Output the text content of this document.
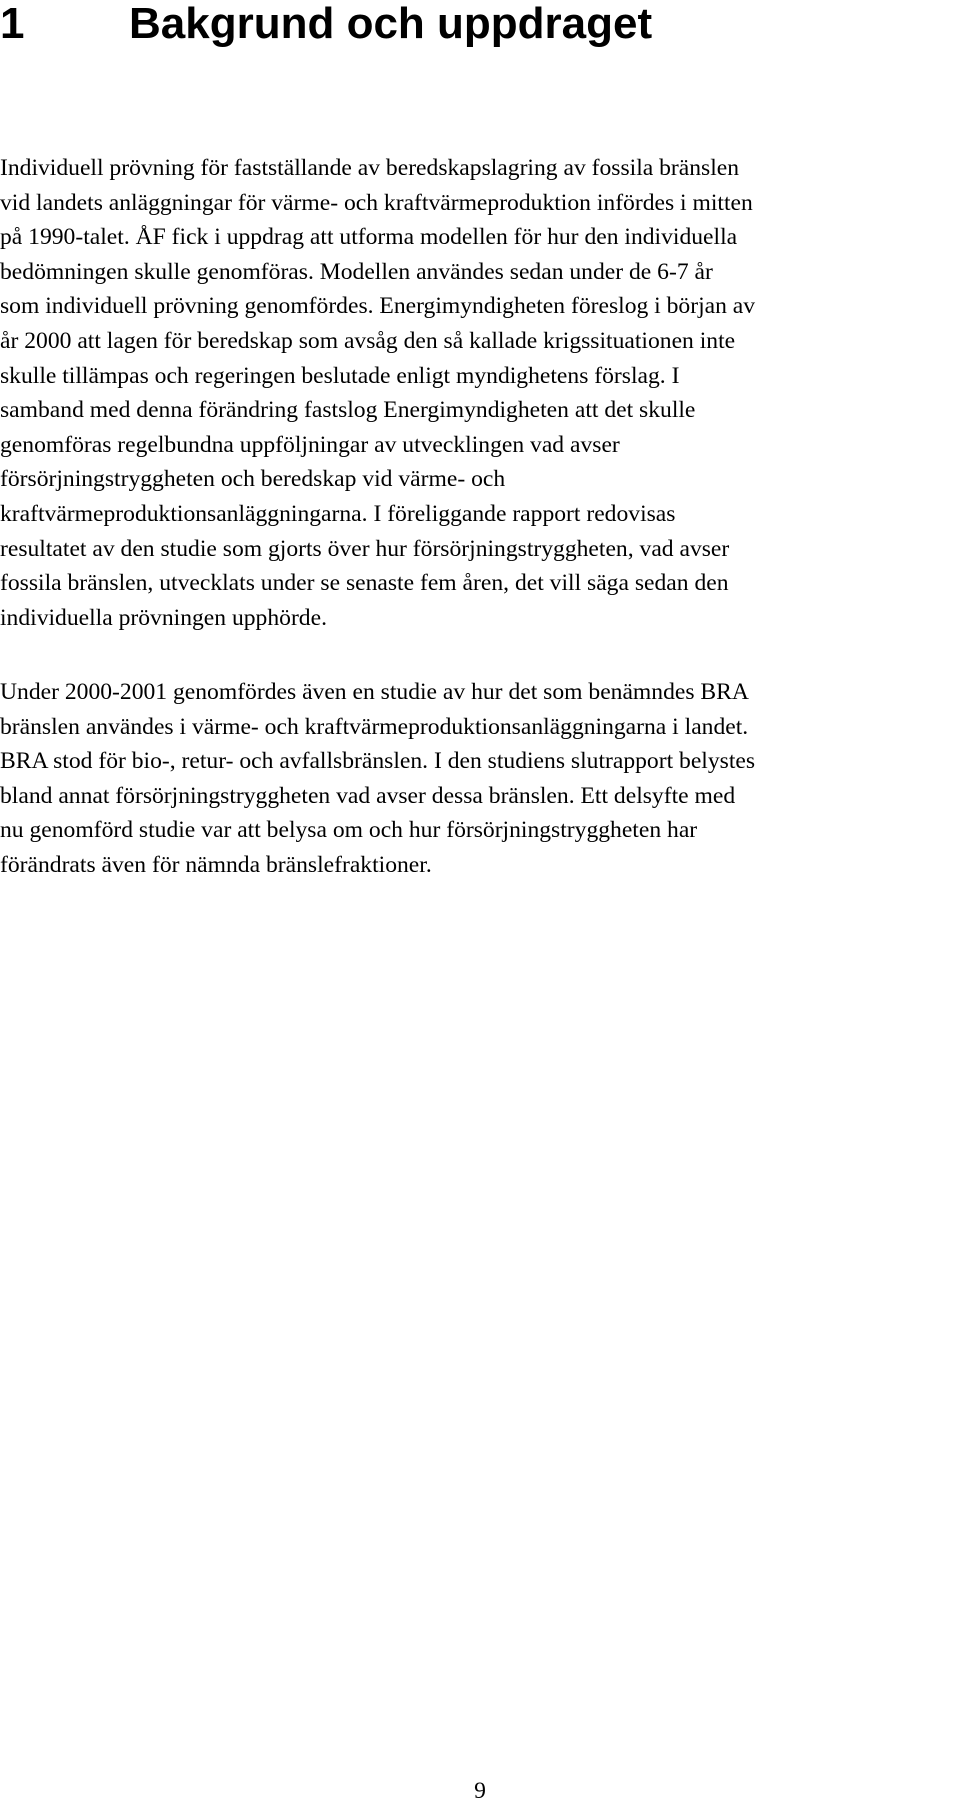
1 Bakgrund och uppdraget

Individuell prövning för fastställande av beredskapslagring av fossila bränslen
vid landets anläggningar för värme- och kraftvärmeproduktion infördes i mitten
på 1990-talet. ÅF fick i uppdrag att utforma modellen för hur den individuella
bedömningen skulle genomföras. Modellen användes sedan under de 6-7 år
som individuell prövning genomfördes. Energimyndigheten föreslog i början av
år 2000 att lagen för beredskap som avsåg den så kallade krigssituationen inte
skulle tillämpas och regeringen beslutade enligt myndighetens förslag. I
samband med denna förändring fastslog Energimyndigheten att det skulle
genomföras regelbundna uppföljningar av utvecklingen vad avser
försörjningstryggheten och beredskap vid värme- och
kraftvärmeproduktionsanläggningarna. I föreliggande rapport redovisas
resultatet av den studie som gjorts över hur försörjningstryggheten, vad avser
fossila bränslen, utvecklats under se senaste fem åren, det vill säga sedan den
individuella prövningen upphörde.

Under 2000-2001 genomfördes även en studie av hur det som benämndes BRA
bränslen användes i värme- och kraftvärmeproduktionsanläggningarna i landet.
BRA stod för bio-, retur- och avfallsbränslen. I den studiens slutrapport belystes
bland annat försörjningstryggheten vad avser dessa bränslen. Ett delsyfte med
nu genomförd studie var att belysa om och hur försörjningstryggheten har
förändrats även för nämnda bränslefraktioner.

9
